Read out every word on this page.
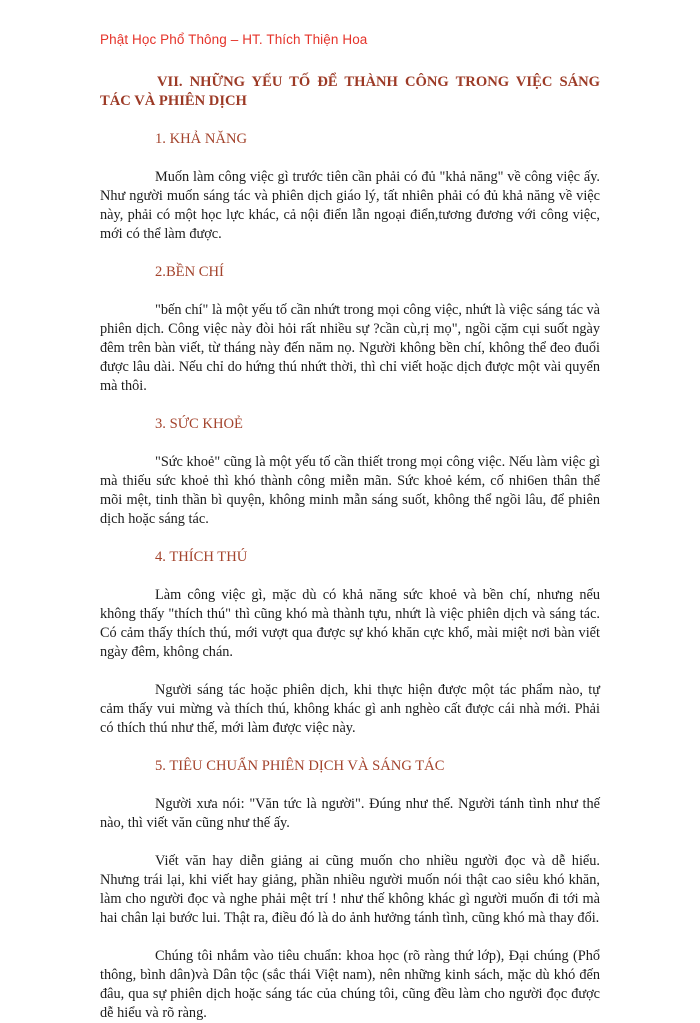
Phật Học Phổ Thông – HT. Thích Thiện Hoa
VII. NHỮNG YẾU TỐ ĐỂ THÀNH CÔNG TRONG VIỆC SÁNG TÁC VÀ PHIÊN DỊCH
1. KHẢ NĂNG

Muốn làm công việc gì trước tiên cần phải có đủ "khả năng" về công việc ấy. Như người muốn sáng tác và phiên dịch giáo lý, tất nhiên phải có đủ khả năng về việc này, phải có một học lực khác, cả nội điển lẫn ngoại điển,tương đương với công việc, mới có thể làm được.

2.BỀN CHÍ

"bến chí" là một yếu tố cần nhứt trong mọi công việc, nhứt là việc sáng tác và phiên dịch. Công việc này đòi hỏi rất nhiều sự ?cần cù,rị mọ", ngồi cặm cụi suốt ngày đêm trên bàn viết, từ tháng này đến năm nọ. Người không bền chí, không thể đeo đuổi được lâu dài. Nếu chỉ do hứng thú nhứt thời, thì chỉ viết hoặc dịch được một vài quyển mà thôi.

3. SỨC KHOẺ

"Sức khoẻ" cũng là một yếu tố cần thiết trong mọi công việc. Nếu làm việc gì mà thiếu sức khoẻ thì khó thành công miễn mãn. Sức khoẻ kém, cố nhi6en thân thể mõi mệt, tinh thần bì quyện, không minh mẫn sáng suốt, không thể ngồi lâu, để phiên dịch hoặc sáng tác.

4. THÍCH THÚ

Làm công việc gì, mặc dù có khả năng sức khoẻ và bền chí, nhưng nếu không thấy "thích thú" thì cũng khó mà thành tựu, nhứt là việc phiên dịch và sáng tác. Có cảm thấy thích thú, mới vượt qua được sự khó khăn cực khổ, mài miệt nơi bàn viết ngày đêm, không chán.

Người sáng tác hoặc phiên dịch, khi thực hiện được một tác phẩm nào, tự cảm thấy vui mừng và thích thú, không khác gì anh nghèo cất được cái nhà mới. Phải có thích thú như thế, mới làm được việc này.

5. TIÊU CHUẨN PHIÊN DỊCH VÀ SÁNG TÁC

Người xưa nói: "Văn tức là người". Đúng như thế. Người tánh tình như thế nào, thì viết văn cũng như thế ấy.

Viết văn hay diễn giảng ai cũng muốn cho nhiều người đọc và dễ hiểu. Nhưng trái lại, khi viết hay giảng, phần nhiều người muốn nói thật cao siêu khó khăn, làm cho người đọc và nghe phải mệt trí ! như thế không khác gì người muốn đi tới mà hai chân lại bước lui. Thật ra, điều đó là do ảnh hưởng tánh tình, cũng khó mà thay đổi.

Chúng tôi nhắm vào tiêu chuẩn: khoa học (rõ ràng thứ lớp), Đại chúng (Phổ thông, bình dân)và Dân tộc (sắc thái Việt nam), nên những kinh sách, mặc dù khó đến đâu, qua sự phiên dịch hoặc sáng tác của chúng tôi, cũng đều làm cho người đọc được dễ hiểu và rõ ràng.
